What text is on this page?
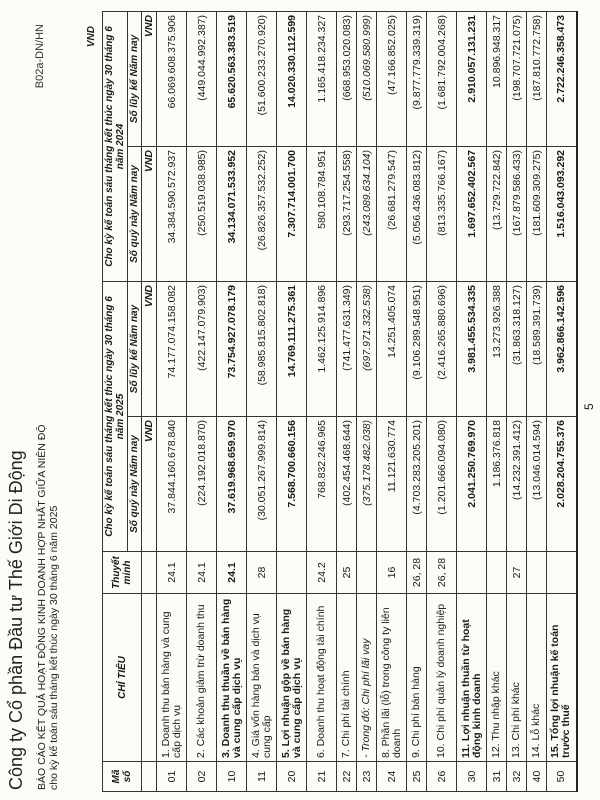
Công ty Cổ phần Đầu tư Thế Giới Di Động
B02a-DN/HN
BÁO CÁO KẾT QUẢ HOẠT ĐỘNG KINH DOANH HỢP NHẤT GIỮA NIÊN ĐỘ cho kỳ kế toán sáu tháng kết thúc ngày 30 tháng 6 năm 2025
VND
Mã số	CHỈ TIÊU	Thuyết minh	Cho kỳ kế toán sáu tháng kết thúc ngày 30 tháng 6 năm 2025		Cho kỳ kế toán sáu tháng kết thúc ngày 30 tháng 6 năm 2024	
			Số quý này Năm nay	Số lũy kế Năm nay	Số quý này Năm nay	Số lũy kế Năm nay
			VND	VND	VND	VND
01	1. Doanh thu bán hàng và cung cấp dịch vụ	24.1	37.844.160.678.840	74.177.074.158.082	34.384.590.572.937	66.069.608.375.906
02	2. Các khoản giảm trừ doanh thu	24.1	(224.192.018.870)	(422.147.079.903)	(250.519.038.985)	(449.044.992.387)
10	3. Doanh thu thuần về bán hàng và cung cấp dịch vụ	24.1	37.619.968.659.970	73.754.927.078.179	34.134.071.533.952	65.620.563.383.519
11	4. Giá vốn hàng bán và dịch vụ cung cấp	28	(30.051.267.999.814)	(58.985.815.802.818)	(26.826.357.532.252)	(51.600.233.270.920)
20	5. Lợi nhuận gộp về bán hàng và cung cấp dịch vụ		7.568.700.660.156	14.769.111.275.361	7.307.714.001.700	14.020.330.112.599
21	6. Doanh thu hoạt động tài chính	24.2	768.832.246.965	1.462.125.914.896	580.108.784.951	1.165.418.234.327
22	7. Chi phí tài chính	25	(402.454.468.644)	(741.477.631.349)	(293.717.254.558)	(668.953.020.083)
23	- Trong đó: Chi phí lãi vay		(375.178.482.038)	(697.971.332.538)	(243.089.634.104)	(510.069.580.999)
24	8. Phần lãi (lỗ) trong công ty liên doanh	16	11.121.630.774	14.251.405.074	(26.681.279.547)	(47.166.852.025)
25	9. Chi phí bán hàng	26, 28	(4.703.283.205.201)	(9.106.289.548.951)	(5.056.436.083.812)	(9.877.779.339.319)
26	10. Chi phí quản lý doanh nghiệp	26, 28	(1.201.666.094.080)	(2.416.265.880.696)	(813.335.766.167)	(1.681.792.004.268)
30	11. Lợi nhuận thuần từ hoạt động kinh doanh		2.041.250.769.970	3.981.455.534.335	1.697.652.402.567	2.910.057.131.231
31	12. Thu nhập khác		1.186.376.818	13.273.926.388	(13.729.722.842)	10.896.948.317
32	13. Chi phí khác	27	(14.232.391.412)	(31.863.318.127)	(167.879.586.433)	(198.707.721.075)
40	14. Lỗ khác		(13.046.014.594)	(18.589.391.739)	(181.609.309.275)	(187.810.772.758)
50	15. Tổng lợi nhuận kế toán trước thuế		2.028.204.755.376	3.962.866.142.596	1.516.043.093.292	2.722.246.358.473
5
